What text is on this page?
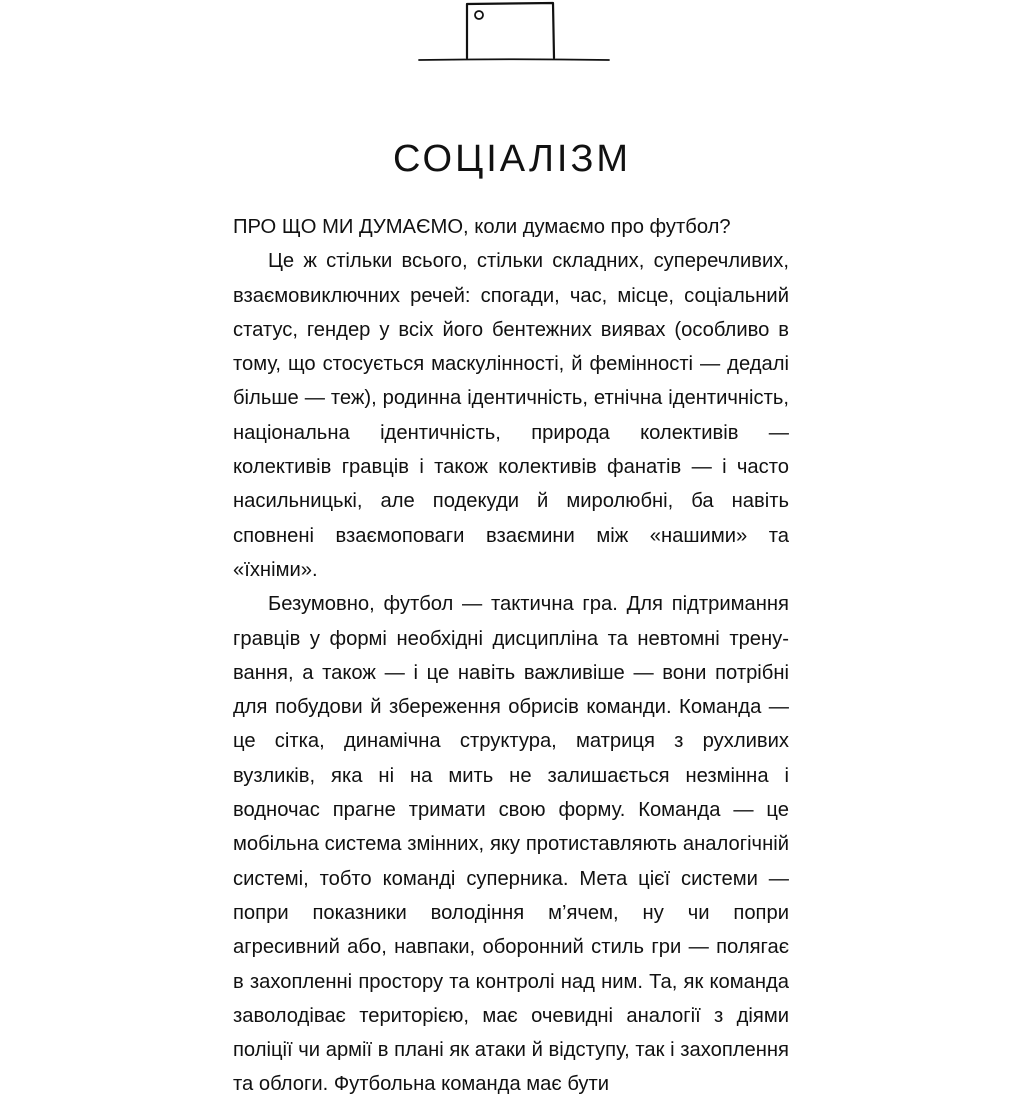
СОЦІАЛІЗМ

ПРО ЩО МИ ДУМАЄМО, коли думаємо про футбол?

Це ж стільки всього, стільки складних, суперечливих, взаємовиключних речей: спогади, час, місце, соціальний статус, гендер у всіх його бентежних виявах (особливо в тому, що стосується маскулінності, й фемінності — дедалі більше — теж), родинна ідентичність, етнічна ідентичність, національна ідентичність, природа колективів — колективів гравців і також колективів фанатів — і часто насильницькі, але подекуди й миролюбні, ба навіть сповнені взаємоповаги взаємини між «нашими» та «їхніми».

Безумовно, футбол — тактична гра. Для підтримання гравців у формі необхідні дисципліна та невтомні тренування, а також — і це навіть важливіше — вони потрібні для побудови й збереження обрисів команди. Команда — це сітка, динамічна структура, матриця з рухливих вузликів, яка ні на мить не залишається незмінна і водночас прагне тримати свою форму. Команда — це мобільна система змінних, яку протиставляють аналогічній системі, тобто команді суперника. Мета цієї системи — попри показники володіння м’ячем, ну чи попри агресивний або, навпаки, оборонний стиль гри — полягає в захопленні простору та контролі над ним. Та, як команда заволодіває територією, має очевидні аналогії з діями поліції чи армії в плані як атаки й відступу, так і захоплення та облоги. Футбольна команда має бути
